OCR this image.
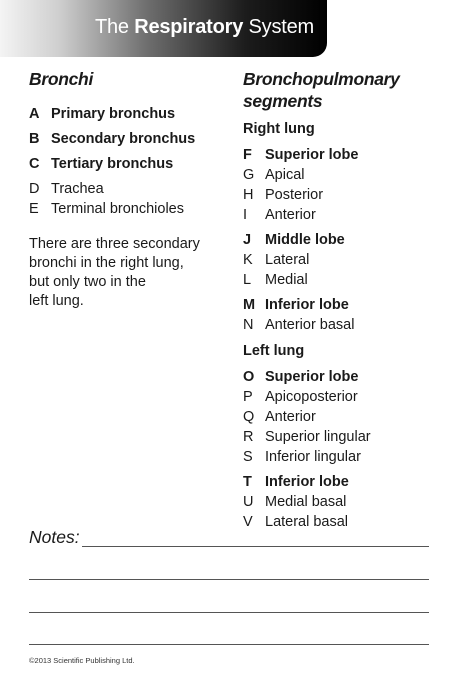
The Respiratory System
Bronchi
A Primary bronchus
B Secondary bronchus
C Tertiary bronchus
D Trachea
E Terminal bronchioles
There are three secondary
bronchi in the right lung,
but only two in the
left lung.
Bronchopulmonary
segments
Right lung
F Superior lobe
G Apical
H Posterior
I	Anterior
J Middle lobe
K Lateral
L Medial
M Inferior lobe
N Anterior basal
Left lung
O Superior lobe
P Apicoposterior
Q Anterior
R Superior lingular
S Inferior lingular
T Inferior lobe
U Medial basal
V Lateral basal
Notes:
©2013 Scientific Publishing Ltd.
